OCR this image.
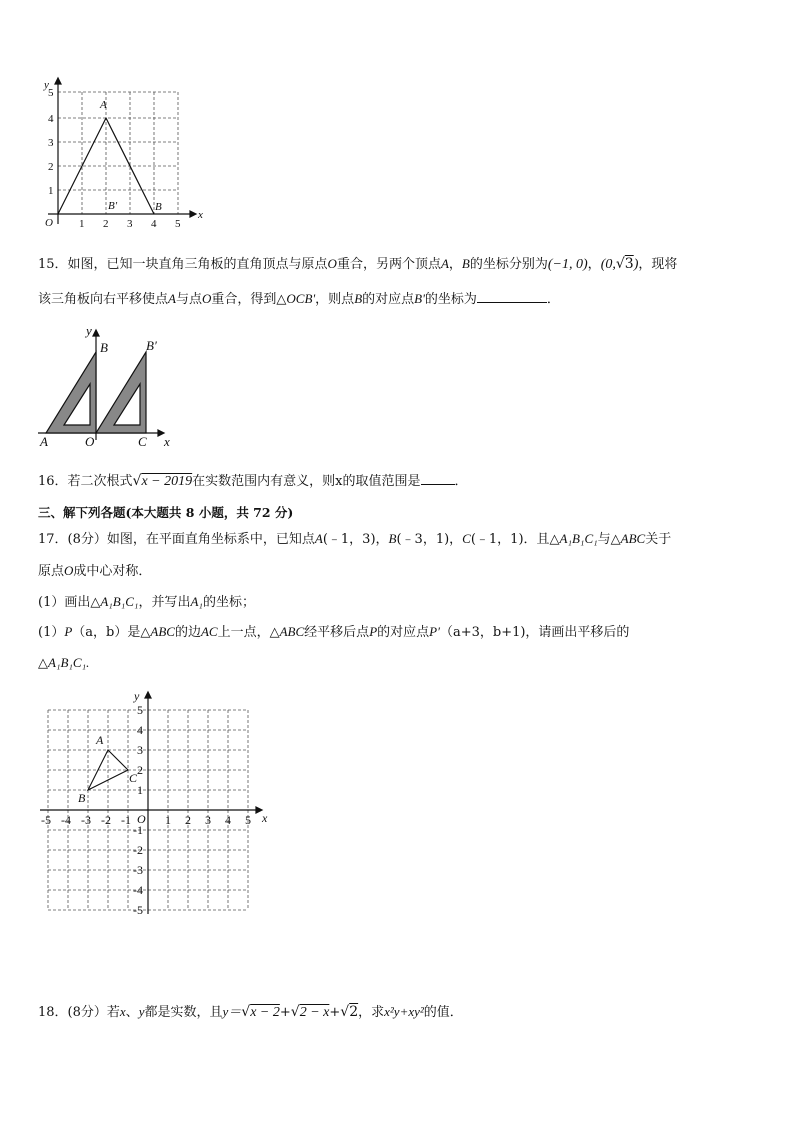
x
y
O 1 2 3 4 5
1
2
3
4
5
A
B
B'
15．如图，已知一块直角三角板的直角顶点与原点O重合，另两个顶点A，B的坐标分别为(−1, 0)，(0,√3)，现将
该三角板向右平移使点A与点O重合，得到△OCB'，则点B的对应点B'的坐标为	．
y
x
A	O	C
B	B′
16．若二次根式√x − 2019在实数范围内有意义，则x的取值范围是	．
三、解下列各题(本大题共 8 小题，共 72 分)
17．(8分）如图，在平面直角坐标系中，已知点A(﹣1，3)，B(﹣3，1)，C(﹣1，1)．且△A₁B₁C₁与△ABC关于
原点O成中心对称．
(1）画出△A₁B₁C₁，并写出A₁的坐标；
(1）P（a，b）是△ABC的边AC上一点，△ABC经平移后点P的对应点P′（a+3，b+1)，请画出平移后的
△A₁B₁C₁.
x
y
O
-5 -4 -3 -2 -1	1 2 3 4 5
1
2
3
4
5
-1
-2
-3
-4
-5
A
B
C
18．(8分）若x、y都是实数，且y＝√x − 2+√2 − x+√2，求x²y+xy²的值．
